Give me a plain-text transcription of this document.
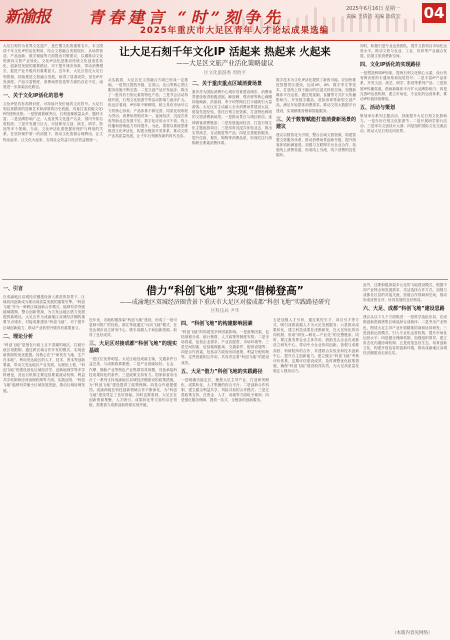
新渝报 青春建言 “时”刻争先
2025年重庆市大足区青年人才论坛成果选编
2025年6月16日 星期一
责编 王倩洁 美编 陈倩宏 04
让大足石刻千年文化IP 活起来 热起来 火起来
——大足区文旅产业活化策略建议
区文化旅游委 周胜平
大足石刻作为世界文化遗产，是巴蜀文化的重要名片。本文围绕千年文化IP的活化利用，结合文旅融合发展现状，从场景营造、产品创新、数字赋能等方面提出对策建议，以期推动文化资源向文旅产业转化。文化IP活化是推动传统文化创造性转化、创新性发展的重要路径，对于提升城市形象、带动消费增长、促进产业升级具有重要意义。近年来，大足区依托大足石刻资源，持续推进文旅融合发展，取得了显著成效，但在IP开发深度、产品丰富程度、消费场景营造等方面仍存在不足，亟需进一步探索活化路径。
一、关于文化IP活化的思考
文化IP是具有高辨识度、可持续开发价值的文化符号。大足石刻以其精美的造像艺术和深厚的历史底蕴，具备打造顶级文化IP的独特优势。一是资源禀赋突出，石刻造像数量众多、题材丰富；二是品牌影响广泛，入选世界文化遗产名录，国内外知名度较高；三是开发潜力巨大，可延伸至文创、演艺、研学、影视等多个领域。当前，文化IP活化需把握好保护与利用的关系，在坚持保护第一的前提下，推动文化资源合理利用，让文物活起来、让文化火起来，实现社会效益与经济效益相统一。
从实践看，大足区在文旅融合方面已形成一定基础。一是景区提档升级，宝顶山、北山等核心景区服务设施不断完善；二是文创产品开发起步，推出了一批具有石刻元素的特色产品；三是节会活动持续开展，石刻文化旅游节等活动影响力逐步扩大。但也应看到，IP形象不够鲜明，缺乏具有市场号召力的核心形象；产品体系不够完善，同质化现象较为突出；消费场景相对单一，夜间经济、沉浸式体验等新业态发展不足；数字化应用水平不高，线上传播和营销能力有待提升。为此，需要以系统思维推进文化IP活化，构建全链条开发体系，推动文旅产业高质量发展，让千年石刻焕发新的时代光彩。
二、关于重庆重点区域消费场景
重庆作为国际消费中心城市培育建设城市，消费场景建设取得积极进展。解放碑、观音桥等核心商圈持续焕新，洪崖洞、李子坝等网红打卡地吸引大量游客。大足区应主动融入全市消费场景建设大局，借鉴先进经验，依托石刻文化资源，打造特色鲜明的文旅消费新场景。一是推动景区与城区联动，延伸游客消费链条；二是发展夜间经济，打造石刻文化主题夜游项目；三是培育沉浸式体验业态，推出实景演艺、互动展览等产品；四是完善配套服务，提升住宿、餐饮、购物等消费品质，形成吃住行游购娱全要素消费体系。
数字技术为文化IP活化提供了新的可能。应加快推进智慧景区建设，运用VR、AR、数字孪生等技术，打造线上线下融合的沉浸式体验空间。加强新媒体平台运营，通过短视频、直播等方式扩大传播影响力。开发数字藏品、虚拟形象等新型文创产品，满足年轻群体消费需求。推动文旅大数据平台建设，实现精准营销和智能服务。
三、关于数智赋能打造消费新场景的建议
建议以数智化为引领，整合区域文旅资源，构建智慧文旅服务体系，推动消费场景创新升级，提升游客体验和满意度。加强与互联网平台企业合作，拓展线上消费渠道，形成线上引流、线下消费的良性循环。
同时，积极引进专业运营团队，提升文旅项目市场化运营水平。推动文旅与农业、工业、体育等产业融合发展，拓展文旅消费新空间。
四、文化IP活化的实现路径
一是塑造鲜明IP形象，提炼石刻文化核心元素，设计具有辨识度的卡通形象和视觉符号；二是丰富IP产品体系，开发文创、演艺、研学、影视等系列产品；三是拓展IP传播渠道，借助新媒体平台扩大品牌影响力；四是完善IP运营机制，建立市场化、专业化的运营体系，推动IP价值持续释放。
五、活动与策划
策划举办系列主题活动，持续提升大足石刻文化影响力。一是办好石刻文化旅游节；二是开展研学旅行活动；三是举办文创设计大赛；四是组织国际文化交流活动，推动大足石刻走向世界。
借力“科创飞地” 实现“借梯登高”
——成渝地区双城经济圈背景下重庆市大足区对接成都“科创飞地”实践路径研究
区科技局 尹华
一、引言
在成渝地区双城经济圈建设深入推进的背景下，区域协同创新成为推动高质量发展的重要引擎。“科创飞地”作为一种跨区域创新合作模式，能够有效突破地域限制，整合创新资源，为欠发达地区借力发展提供新路径。大足区作为成渝地区双城经济圈的重要节点城市，对接成都建设“科创飞地”，对于提升区域创新能力、推动产业转型升级具有重要意义。
二、理论分析
“科创飞地”是指在行政上互不隶属的地区，打破行政区划限制，通过跨区域合作开发的模式，实现创新资源的优化配置。其核心在于“研发在飞地、生产在本地”，利用发达地区的人才、技术、资本等创新要素，带动欠发达地区产业发展。从理论上看，“科创飞地”的建设涉及区域经济学、创新地理学等多学科理论，其运行机制主要包括要素流动机制、利益共享机制和协同治理机制等方面。实践证明，“科创飞地”能够有效缩小区域发展差距，推动区域协调发展。
近年来，各地积极探索“科创飞地”建设，形成了一批可复制可推广的经验。浙江等地通过“反向飞地”模式，在发达城市设立研发中心，吸引高端人才和创新资源，取得了良好成效。
三、大足区对接成都“科创飞地”的现实基础
一是区位优势明显。大足区地处成渝主轴，交通条件日益完善，与成都联系紧密。二是产业基础较好。五金、汽摩、静脉产业等特色产业集群初具规模，具备承接科技成果转化的条件。三是政策支持有力。国家和省市出台了一系列支持成渝地区双城经济圈建设的政策措施，为“科创飞地”建设提供了政策保障。四是合作意愿强烈。成渝两地在科技创新领域合作不断深化，为“科创飞地”建设奠定了良好基础。同时也要看到，大足区在创新资源集聚、人才吸引、成果转化等方面仍存在短板，需要借力成都创新资源实现突破。
四、“科创飞地”的构建影响因素
“科创飞地”的构建受多种因素影响。一是政策因素，包括财税分成、统计核算、人才政策等制度安排；二是市场因素，包括企业需求、产业匹配度、市场环境等；三是空间因素，包括地理距离、交通条件、配套设施等；四是合作因素，包括双方政府协同意愿、利益分配机制等。这些因素相互作用，共同决定着“科创飞地”的建设成效。
五、大足“借力”科创飞地的实践路径
一是明确功能定位，聚焦大足主导产业，打造研发孵化、成果转化、人才集聚的综合平台；二是创新合作机制，建立健全利益共享、风险共担的合作模式；三是完善政策支持，在资金、人才、用地等方面给予倾斜；四是强化服务保障，提供一站式、全链条的创新服务。
五是加强人才引育，通过柔性引才、项目引才等方式，吸引成都高端人才为大足发展服务；六是推动成果转化，建立科技成果在成都研发、在大足转化的协同机制，形成“研发—孵化—产业化”的完整链条。同时，要注重发挥企业主体作用，鼓励龙头企业在成都设立研发中心，带动中小企业协同创新。加强与成都高校、科研院所的合作，共建联合实验室和技术创新中心，提升自主创新能力。建立健全“科创飞地”考核评价体系，定期评估建设成效，及时调整优化政策措施，确保“科创飞地”建设取得实效，为大足高质量发展注入强劲动力。
此外，还要积极探索多元化的飞地建设模式，根据不同产业特点和发展需求，灵活选择合作方式。加强与成都各区县的对接交流，拓展合作领域和空间，推动形成优势互补、协同发展的良好格局。
六、大足、成都“科创飞地”建设思路
建议从以下几个方面推进：一是科学选址布局，在成都创新资源密集区域选择合适载体；二是突出产业特色，围绕大足主导产业开展精准招商和协同研发；三是创新运营模式，引入专业化运营机构，提升市场化运营水平；四是健全保障机制，加强组织领导，建立常态化沟通协调机制；五是营造良好生态，培育创新文化，构建开放包容的创新环境，推动成渝地区双城经济圈建设走深走实。
（本版内容见网络）
